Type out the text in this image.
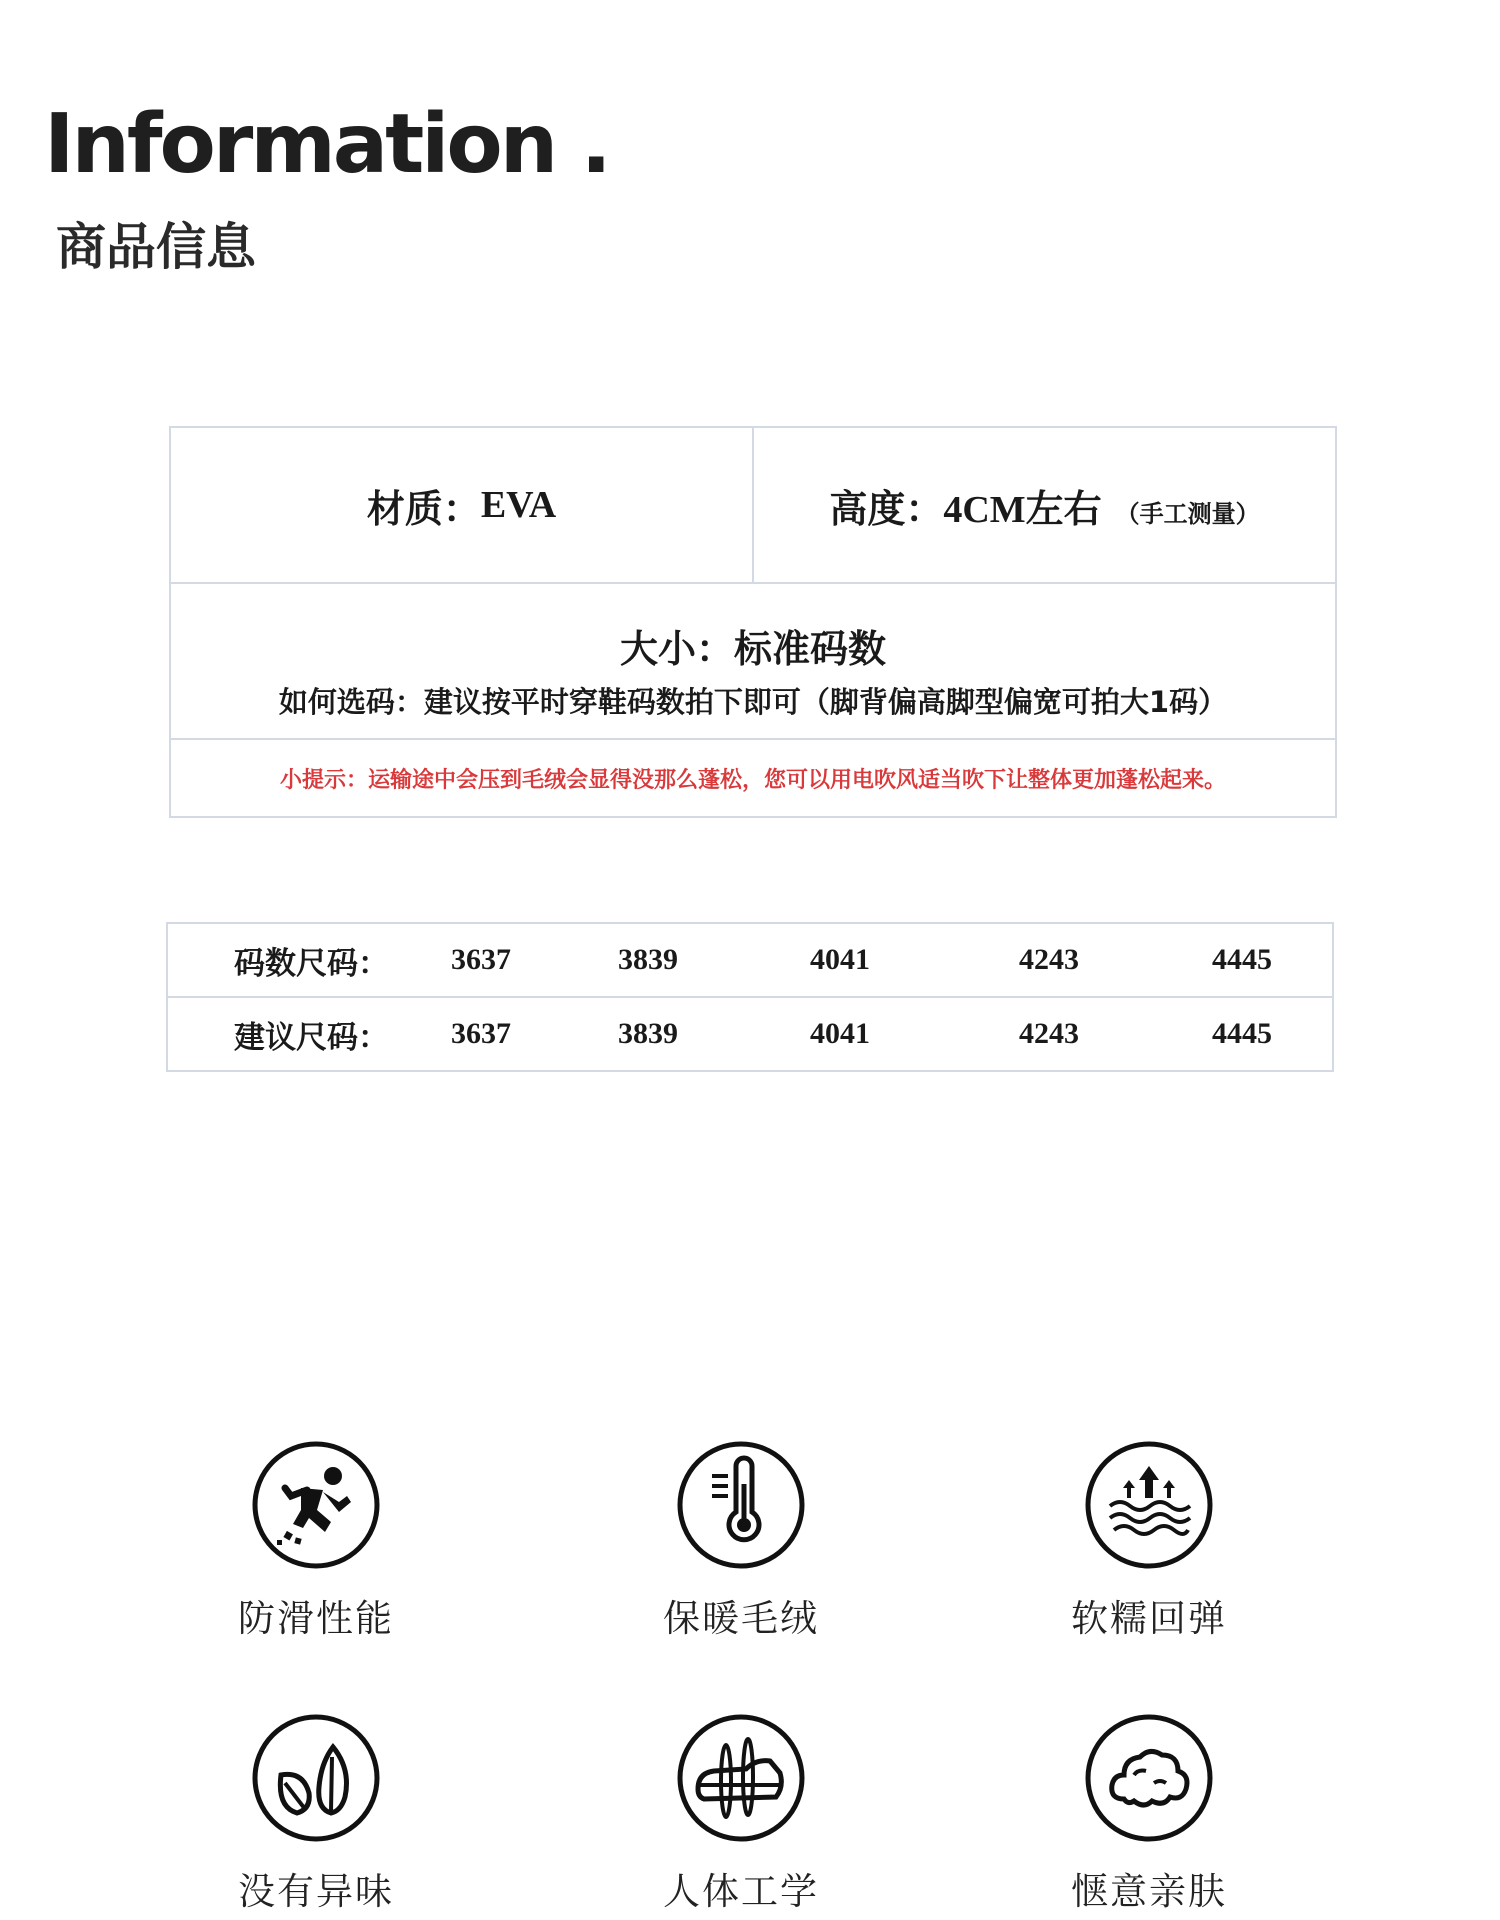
Information .
商品信息
材质： EVA	高度： 4CM左右 （手工测量）
大小：标准码数
如何选码：建议按平时穿鞋码数拍下即可（脚背偏高脚型偏宽可拍大1码）
小提示：运输途中会压到毛绒会显得没那么蓬松，您可以用电吹风适当吹下让整体更加蓬松起来。
码数尺码：	3637	3839	4041	4243	4445
建议尺码：	3637	3839	4041	4243	4445
防滑性能	保暖毛绒	软糯回弹
没有异味	人体工学	惬意亲肤
